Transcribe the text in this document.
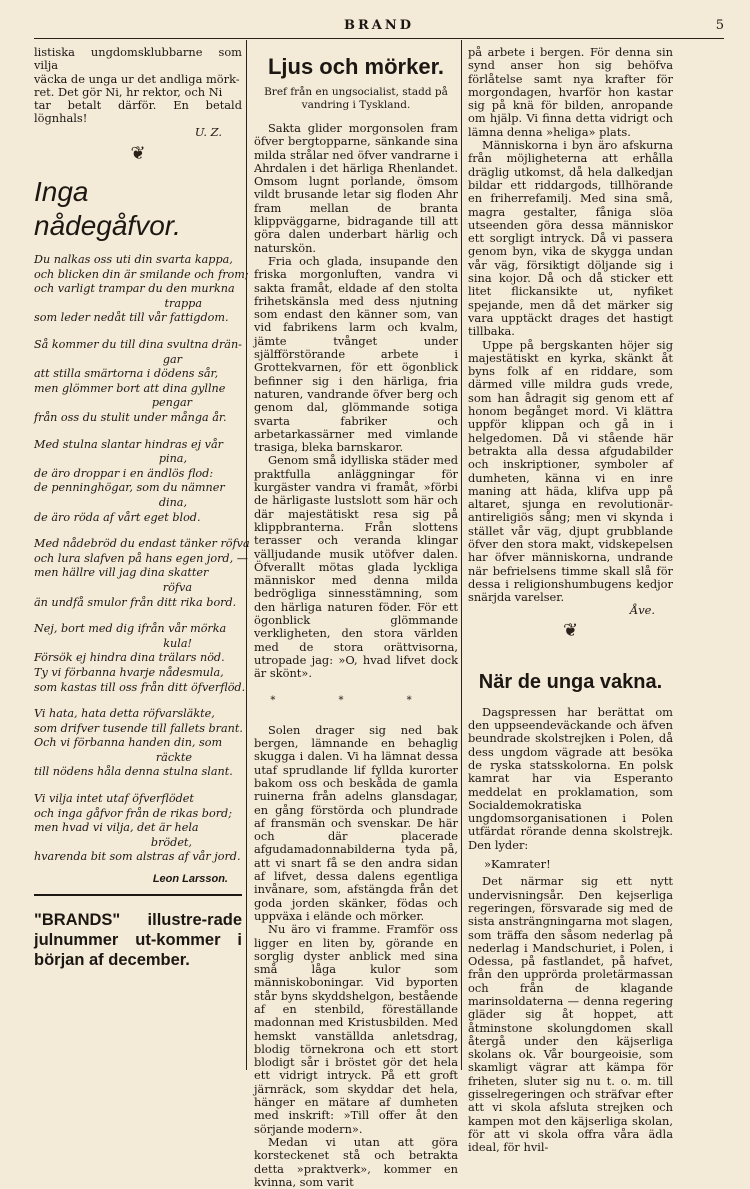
BRAND	5

listiska ungdomsklubbarne som vilja

väcka de unga ur det andliga mörk-

ret. Det gör Ni, hr rektor, och Ni

tar betalt därför. En betald lögnhals!

U. Z.

❦
Inga nådegåfvor.
Du nalkas oss uti din svarta kappa,
och blicken din är smilande och from;
och varligt trampar du den murkna
trappa
som leder nedåt till vår fattigdom.
Så kommer du till dina svultna drän-
gar
att stilla smärtorna i dödens sår,
men glömmer bort att dina gyllne
pengar
från oss du stulit under många år.
Med stulna slantar hindras ej vår
pina,
de äro droppar i en ändlös flod:
de penninghögar, som du nämner
dina,
de äro röda af vårt eget blod.
Med nådebröd du endast tänker röfva
och lura slafven på hans egen jord, —
men hällre vill jag dina skatter
röfva
än undfå smulor från ditt rika bord.
Nej, bort med dig ifrån vår mörka
kula!
Försök ej hindra dina trälars nöd.
Ty vi förbanna hvarje nådesmula,
som kastas till oss från ditt öfverflöd.
Vi hata, hata detta röfvarsläkte,
som drifver tusende till fallets brant.
Och vi förbanna handen din, som
räckte
till nödens håla denna stulna slant.
Vi vilja intet utaf öfverflödet
och inga gåfvor från de rikas bord;
men hvad vi vilja, det är hela
brödet,
hvarenda bit som alstras af vår jord.
Leon Larsson.
"BRANDS" illustre-rade julnummer ut-kommer i början af december.
Ljus och mörker.
Bref från en ungsocialist, stadd på vandring i Tyskland.

Sakta glider morgonsolen fram öfver bergtopparne, sänkande sina milda strålar ned öfver vandrarne i Ahrdalen i det härliga Rhenlandet. Omsom lugnt porlande, ömsom vildt brusande letar sig floden Ahr fram mellan de branta klippväggarne, bidragande till att göra dalen underbart härlig och naturskön.

Fria och glada, insupande den friska morgonluften, vandra vi sakta framåt, eldade af den stolta frihetskänsla med dess njutning som endast den känner som, van vid fabrikens larm och kvalm, jämte tvånget under själfförstörande arbete i Grottekvarnen, för ett ögonblick befinner sig i den härliga, fria naturen, vandrande öfver berg och genom dal, glömmande sotiga svarta fabriker och arbetarkassärner med vimlande trasiga, bleka barnskaror.

Genom små idylliska städer med praktfulla anläggningar för kurgäster vandra vi framåt, »förbi de härligaste lustslott som här och där majestätiskt resa sig på klippbranterna. Från slottens terasser och veranda klingar välljudande musik utöfver dalen. Öfverallt mötas glada lyckliga människor med denna milda bedrögliga sinnesstämning, som den härliga naturen föder. För ett ögonblick glömmande verkligheten, den stora världen med de stora orättvisorna, utropade jag: »O, hvad lifvet dock är skönt».

* * *

Solen drager sig ned bak bergen, lämnande en behaglig skugga i dalen. Vi ha lämnat dessa utaf sprudlande lif fyllda kurorter bakom oss och beskåda de gamla ruinerna från adelns glansdagar, en gång förstörda och plundrade af fransmän och svenskar. De här och där placerade afgudamadonnabilderna tyda på, att vi snart få se den andra sidan af lifvet, dessa dalens egentliga invånare, som, afstängda från det goda jorden skänker, födas och uppväxa i elände och mörker.

Nu äro vi framme. Framför oss ligger en liten by, görande en sorglig dyster anblick med sina små låga kulor som människoboningar. Vid byporten står byns skyddshelgon, bestående af en stenbild, föreställande madonnan med Kristusbilden. Med hemskt vanställda anletsdrag, blodig törnekrona och ett stort blodigt sår i bröstet gör det hela ett vidrigt intryck. På ett groft järnräck, som skyddar det hela, hänger en mätare af dumheten med inskrift: »Till offer åt den sörjande modern».

Medan vi utan att göra korsteckenet stå och betrakta detta »praktverk», kommer en kvinna, som varit

på arbete i bergen. För denna sin synd anser hon sig behöfva förlåtelse samt nya krafter för morgondagen, hvarför hon kastar sig på knä för bilden, anropande om hjälp. Vi finna detta vidrigt och lämna denna »heliga» plats.

Människorna i byn äro afskurna från möjligheterna att erhålla dräglig utkomst, då hela dalkedjan bildar ett riddargods, tillhörande en friherrefamilj. Med sina små, magra gestalter, fåniga slöa utseenden göra dessa människor ett sorgligt intryck. Då vi passera genom byn, vika de skygga undan vår väg, försiktigt döljande sig i sina kojor. Då och då sticker ett litet flickansikte ut, nyfiket spejande, men då det märker sig vara upptäckt drages det hastigt tillbaka.

Uppe på bergskanten höjer sig majestätiskt en kyrka, skänkt åt byns folk af en riddare, som därmed ville mildra guds vrede, som han ådragit sig genom ett af honom begånget mord. Vi klättra uppför klippan och gå in i helgedomen. Då vi stående här betrakta alla dessa afgudabilder och inskriptioner, symboler af dumheten, känna vi en inre maning att häda, klifva upp på altaret, sjunga en revolutionär-antireligiös sång; men vi skynda i stället vår väg, djupt grubblande öfver den stora makt, vidskepelsen har öfver människorna, undrande när befrielsens timme skall slå för dessa i religionshumbugens kedjor snärjda varelser.

Åve.

❦
När de unga vakna.

Dagspressen har berättat om den uppseendeväckande och äfven beundrade skolstrejken i Polen, då dess ungdom vägrade att besöka de ryska statsskolorna. En polsk kamrat har via Esperanto meddelat en proklamation, som Socialdemokratiska ungdomsorganisationen i Polen utfärdat rörande denna skolstrejk. Den lyder:

»Kamrater!

Det närmar sig ett nytt undervisningsår. Den kejserliga regeringen, försvarade sig med de sista ansträngningarna mot slagen, som träffa den såsom nederlag på nederlag i Mandschuriet, i Polen, i Odessa, på fastlandet, på hafvet, från den upprörda proletärmassan och från de klagande marinsoldaterna — denna regering gläder sig åt hoppet, att åtminstone skolungdomen skall återgå under den käjserliga skolans ok. Vår bourgeoisie, som skamligt vägrar att kämpa för friheten, sluter sig nu t. o. m. till gisselregeringen och sträfvar efter att vi skola afsluta strejken och kampen mot den käjserliga skolan, för att vi skola offra våra ädla ideal, för hvil-
